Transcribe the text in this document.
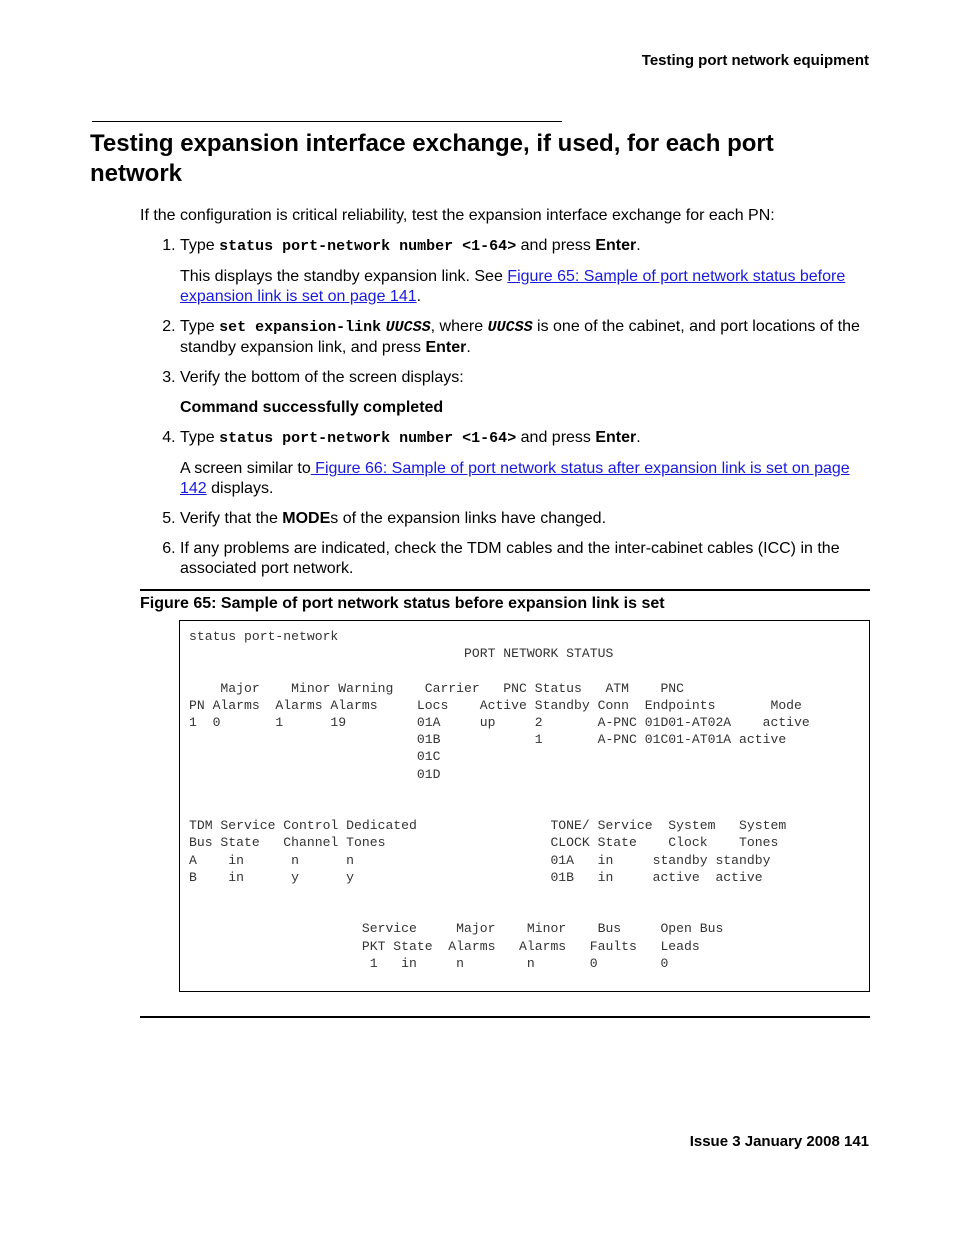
Testing port network equipment
Testing expansion interface exchange, if used, for each port network

If the configuration is critical reliability, test the expansion interface exchange for each PN:

1. Type status port-network number <1-64> and press Enter.
This displays the standby expansion link. See Figure 65: Sample of port network status before expansion link is set on page 141.
2. Type set expansion-link UUCSS, where UUCSS is one of the cabinet, and port locations of the standby expansion link, and press Enter.
3. Verify the bottom of the screen displays:
Command successfully completed
4. Type status port-network number <1-64> and press Enter.
A screen similar to Figure 66: Sample of port network status after expansion link is set on page 142 displays.
5. Verify that the MODEs of the expansion links have changed.
6. If any problems are indicated, check the TDM cables and the inter-cabinet cables (ICC) in the associated port network.
Figure 65: Sample of port network status before expansion link is set
status port-network
PORT NETWORK STATUS

Major    Minor Warning    Carrier   PNC Status   ATM    PNC
PN Alarms  Alarms Alarms     Locs    Active Standby Conn  Endpoints       Mode
1  0       1      19         01A     up     2       A-PNC 01D01-AT02A    active
01B            1       A-PNC 01C01-AT01A active
01C
01D

TDM Service Control Dedicated                 TONE/ Service  System   System
Bus State   Channel Tones                     CLOCK State    Clock    Tones
A    in      n      n                         01A   in     standby standby
B    in      y      y                         01B   in     active  active

Service     Major    Minor    Bus     Open Bus
PKT State  Alarms   Alarms   Faults   Leads
1   in     n        n       0        0
Issue 3 January 2008 141
